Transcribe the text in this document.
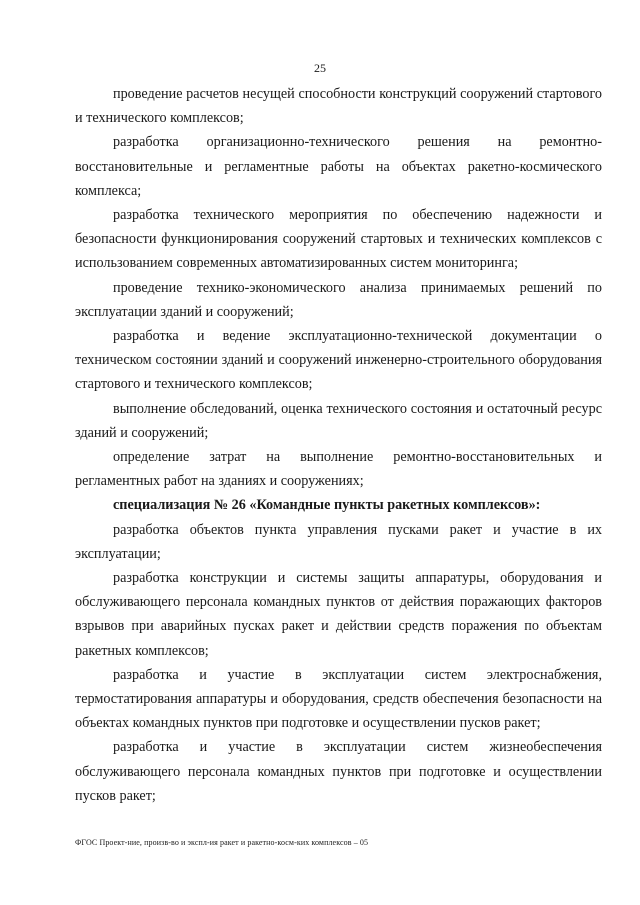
25

проведение расчетов несущей способности конструкций сооружений стартового и технического комплексов;

разработка организационно-технического решения на ремонтно-восстановительные и регламентные работы на объектах ракетно-космического комплекса;

разработка технического мероприятия по обеспечению надежности и безопасности функционирования сооружений стартовых и технических комплексов с использованием современных автоматизированных систем мониторинга;

проведение технико-экономического анализа принимаемых решений по эксплуатации зданий и сооружений;

разработка и ведение эксплуатационно-технической документации о техническом состоянии зданий и сооружений инженерно-строительного оборудования стартового и технического комплексов;

выполнение обследований, оценка технического состояния и остаточный ресурс зданий и сооружений;

определение затрат на выполнение ремонтно-восстановительных и регламентных работ на зданиях и сооружениях;

специализация № 26 «Командные пункты ракетных комплексов»:

разработка объектов пункта управления пусками ракет и участие в их эксплуатации;

разработка конструкции и системы защиты аппаратуры, оборудования и обслуживающего персонала командных пунктов от действия поражающих факторов взрывов при аварийных пусках ракет и действии средств поражения по объектам ракетных комплексов;

разработка и участие в эксплуатации систем электроснабжения, термостатирования аппаратуры и оборудования, средств обеспечения безопасности на объектах командных пунктов при подготовке и осуществлении пусков ракет;

разработка и участие в эксплуатации систем жизнеобеспечения обслуживающего персонала командных пунктов при подготовке и осуществлении пусков ракет;

ФГОС Проект-ние, произв-во и экспл-ия ракет и ракетно-косм-ких комплексов – 05
